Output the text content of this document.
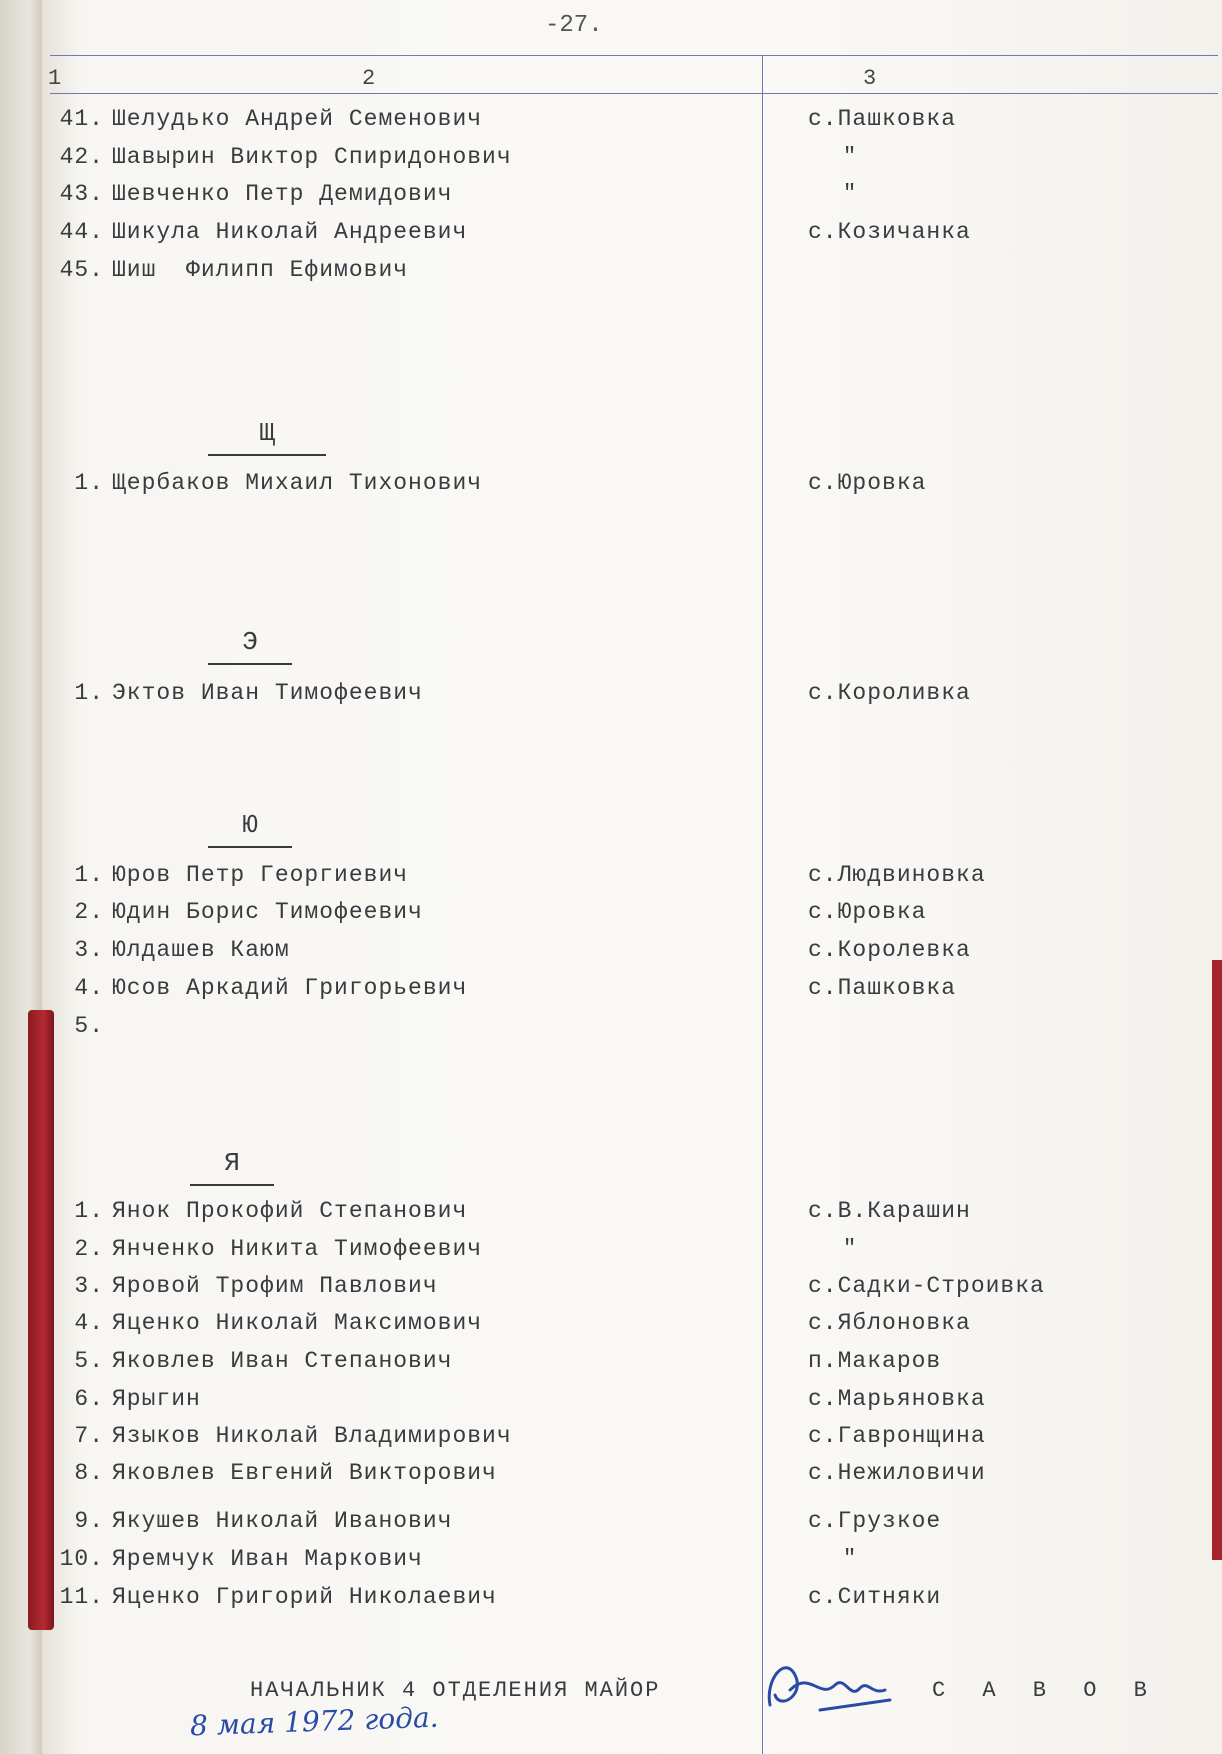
-27.
1	2	3
41. Шелудько Андрей Семенович	с.Пашковка
42. Шавырин Виктор Спиридонович	"
43. Шевченко Петр Демидович	"
44. Шикула Николай Андреевич	с.Козичанка
45. Шиш  Филипп Ефимович
Щ
1. Щербаков Михаил Тихонович	с.Юровка
Э
1. Эктов Иван Тимофеевич	с.Короливка
Ю
1. Юров Петр Георгиевич	с.Людвиновка
2. Юдин Борис Тимофеевич	с.Юровка
3. Юлдашев Каюм	с.Королевка
4. Юсов Аркадий Григорьевич	с.Пашковка
5.
Я
1. Янок Прокофий Степанович	с.В.Карашин
2. Янченко Никита Тимофеевич	"
3. Яровой Трофим Павлович	с.Садки-Строивка
4. Яценко Николай Максимович	с.Яблоновка
5. Яковлев Иван Степанович	п.Макаров
6. Ярыгин	с.Марьяновка
7. Языков Николай Владимирович	с.Гавронщина
8. Яковлев Евгений Викторович	с.Нежиловичи
9. Якушев Николай Иванович	с.Грузкое
10. Яремчук Иван Маркович	"
11. Яценко Григорий Николаевич	с.Ситняки
НАЧАЛЬНИК 4 ОТДЕЛЕНИЯ МАЙОР	С А В О В
8 мая 1972 года.
